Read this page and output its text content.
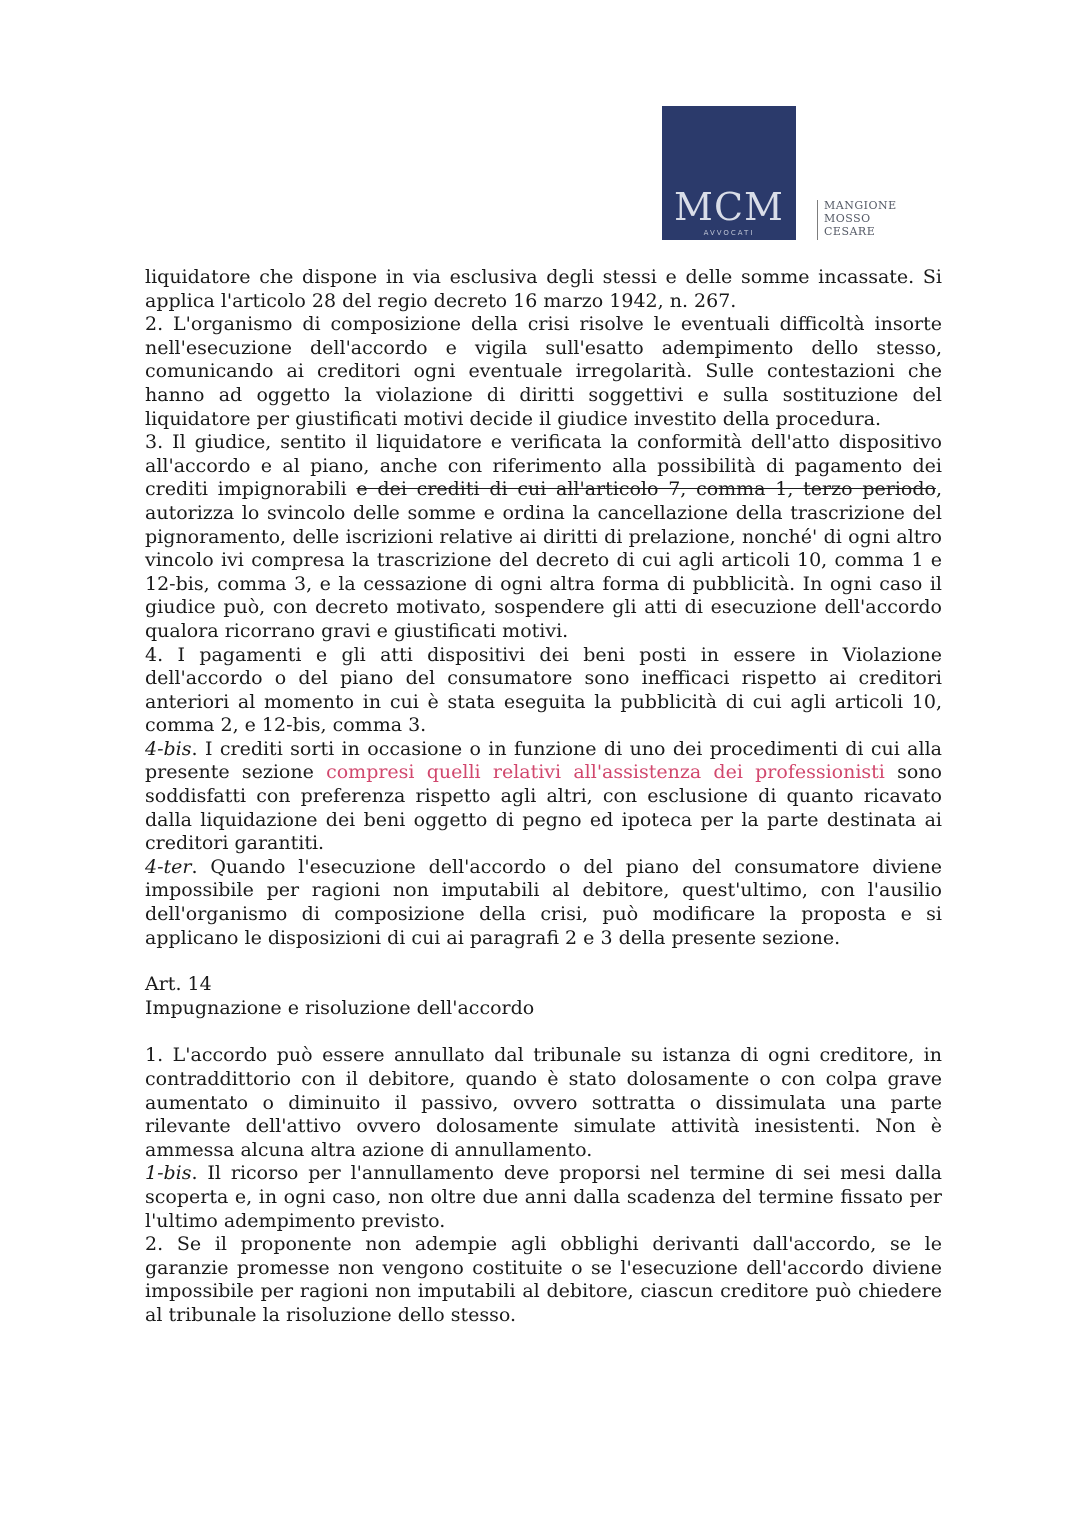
MCM
AVVOCATI
MANGIONE
MOSSO
CESARE

liquidatore che dispone in via esclusiva degli stessi e delle somme incassate. Si applica l'articolo 28 del regio decreto 16 marzo 1942, n. 267.

2. L'organismo di composizione della crisi risolve le eventuali difficoltà insorte nell'esecuzione dell'accordo e vigila sull'esatto adempimento dello stesso, comunicando ai creditori ogni eventuale irregolarità. Sulle contestazioni che hanno ad oggetto la violazione di diritti soggettivi e sulla sostituzione del liquidatore per giustificati motivi decide il giudice investito della procedura.

3. Il giudice, sentito il liquidatore e verificata la conformità dell'atto dispositivo all'accordo e al piano, anche con riferimento alla possibilità di pagamento dei crediti impignorabili e dei crediti di cui all'articolo 7, comma 1, terzo periodo, autorizza lo svincolo delle somme e ordina la cancellazione della trascrizione del pignoramento, delle iscrizioni relative ai diritti di prelazione, nonché' di ogni altro vincolo ivi compresa la trascrizione del decreto di cui agli articoli 10, comma 1 e 12-bis, comma 3, e la cessazione di ogni altra forma di pubblicità. In ogni caso il giudice può, con decreto motivato, sospendere gli atti di esecuzione dell'accordo qualora ricorrano gravi e giustificati motivi.

4. I pagamenti e gli atti dispositivi dei beni posti in essere in Violazione dell'accordo o del piano del consumatore sono inefficaci rispetto ai creditori anteriori al momento in cui è stata eseguita la pubblicità di cui agli articoli 10, comma 2, e 12-bis, comma 3.

4-bis. I crediti sorti in occasione o in funzione di uno dei procedimenti di cui alla presente sezione compresi quelli relativi all'assistenza dei professionisti sono soddisfatti con preferenza rispetto agli altri, con esclusione di quanto ricavato dalla liquidazione dei beni oggetto di pegno ed ipoteca per la parte destinata ai creditori garantiti.

4-ter. Quando l'esecuzione dell'accordo o del piano del consumatore diviene impossibile per ragioni non imputabili al debitore, quest'ultimo, con l'ausilio dell'organismo di composizione della crisi, può modificare la proposta e si applicano le disposizioni di cui ai paragrafi 2 e 3 della presente sezione.

Art. 14

Impugnazione e risoluzione dell'accordo

1. L'accordo può essere annullato dal tribunale su istanza di ogni creditore, in contraddittorio con il debitore, quando è stato dolosamente o con colpa grave aumentato o diminuito il passivo, ovvero sottratta o dissimulata una parte rilevante dell'attivo ovvero dolosamente simulate attività inesistenti. Non è ammessa alcuna altra azione di annullamento.

1-bis. Il ricorso per l'annullamento deve proporsi nel termine di sei mesi dalla scoperta e, in ogni caso, non oltre due anni dalla scadenza del termine fissato per l'ultimo adempimento previsto.

2. Se il proponente non adempie agli obblighi derivanti dall'accordo, se le garanzie promesse non vengono costituite o se l'esecuzione dell'accordo diviene impossibile per ragioni non imputabili al debitore, ciascun creditore può chiedere al tribunale la risoluzione dello stesso.
